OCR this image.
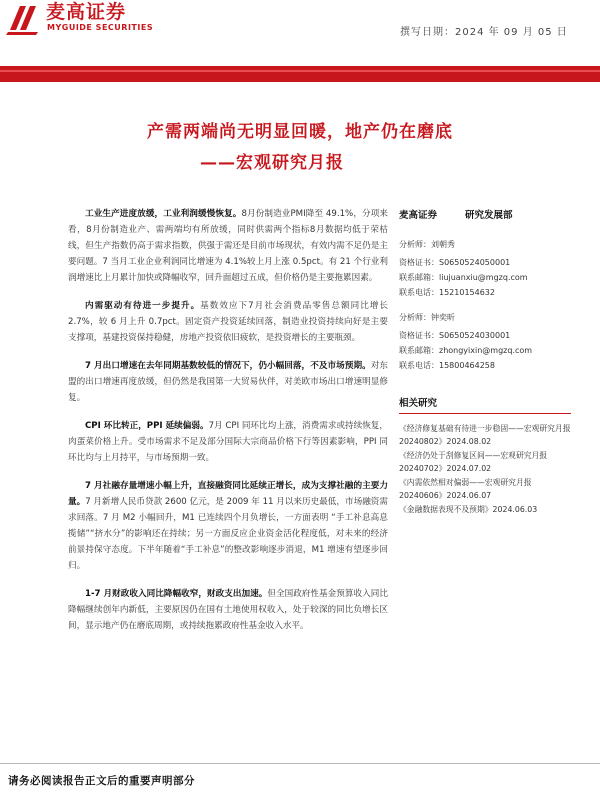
麦高证券
MYGUIDE SECURITIES	撰写日期：2024 年 09 月 05 日
产需两端尚无明显回暖，地产仍在磨底
——宏观研究月报

工业生产进度放缓，工业利润缓慢恢复。8月份制造业PMI降至 49.1%，分项来看，8月份制造业产、需两端均有所放缓，同时供需两个指标8月数据均低于荣枯线，但生产指数仍高于需求指数，供强于需还是目前市场现状，有效内需不足仍是主要问题。7 当月工业企业利润同比增速为 4.1%较上月上涨 0.5pct。有 21 个行业利润增速比上月累计加快或降幅收窄，回升面超过五成，但价格仍是主要拖累因素。

内需驱动有待进一步提升。基数效应下7月社会消费品零售总额同比增长 2.7%，较 6 月上升 0.7pct。固定资产投资延续回落，制造业投资持续向好是主要支撑项，基建投资保持稳健，房地产投资依旧疲软，是投资增长的主要瓶颈。

7 月出口增速在去年同期基数较低的情况下，仍小幅回落，不及市场预期。对东盟的出口增速再度放缓，但仍然是我国第一大贸易伙伴，对美欧市场出口增速明显修复。

CPI 环比转正，PPI 延续偏弱。7月 CPI 同环比均上涨，消费需求或持续恢复，肉蛋菜价格上升。受市场需求不足及部分国际大宗商品价格下行等因素影响，PPI 同环比均与上月持平，与市场预期一致。

7 月社融存量增速小幅上升，直接融资同比延续正增长，成为支撑社融的主要力量。7 月新增人民币贷款 2600 亿元，是 2009 年 11 月以来历史最低，市场融资需求回落。7 月 M2 小幅回升，M1 已连续四个月负增长，一方面表明 “手工补息高息揽储”“挤水分”的影响还在持续；另一方面反应企业资金活化程度低，对未来的经济前景持保守态度。下半年随着“手工补息”的整改影响逐步消退，M1 增速有望逐步回归。

1-7 月财政收入同比降幅收窄，财政支出加速。但全国政府性基金预算收入同比降幅继续创年内新低，主要原因仍在国有土地使用权收入，处于较深的同比负增长区间，显示地产仍在磨底周期，或持续拖累政府性基金收入水平。

麦高证券	研究发展部
分析师：刘朝秀
资格证书：S0650524050001
联系邮箱：liujuanxiu@mgzq.com
联系电话：15210154632
分析师：钟奕昕
资格证书：S0650524030001
联系邮箱：zhongyixin@mgzq.com
联系电话：15800464258
相关研究
《经济修复基础有待进一步稳固——宏观研究月报 20240802》2024.08.02
《经济仍处于刮修复区间——宏观研究月报 20240702》2024.07.02
《内需依然相对偏弱——宏观研究月报 20240606》2024.06.07
《金融数据表现不及预期》2024.06.03
请务必阅读报告正文后的重要声明部分
